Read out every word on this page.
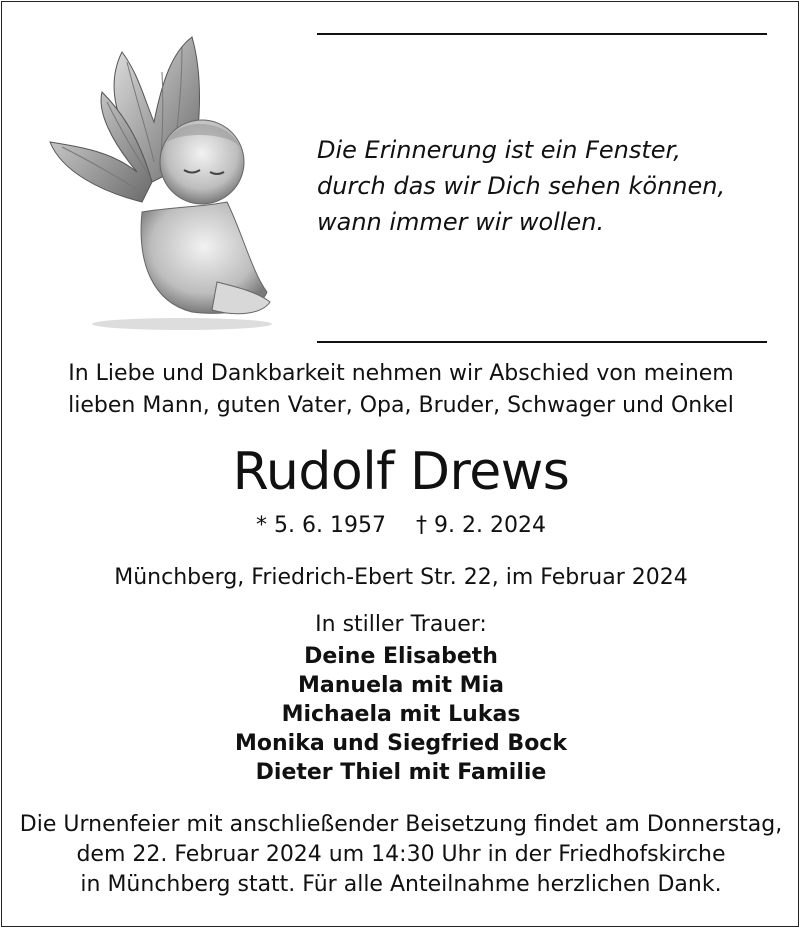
Die Erinnerung ist ein Fenster,
durch das wir Dich sehen können,
wann immer wir wollen.
In Liebe und Dankbarkeit nehmen wir Abschied von meinem
lieben Mann, guten Vater, Opa, Bruder, Schwager und Onkel
Rudolf Drews
* 5. 6. 1957 † 9. 2. 2024
Münchberg, Friedrich-Ebert Str. 22, im Februar 2024
In stiller Trauer:
Deine Elisabeth
Manuela mit Mia
Michaela mit Lukas
Monika und Siegfried Bock
Dieter Thiel mit Familie
Die Urnenfeier mit anschließender Beisetzung findet am Donnerstag,
dem 22. Februar 2024 um 14:30 Uhr in der Friedhofskirche
in Münchberg statt. Für alle Anteilnahme herzlichen Dank.
